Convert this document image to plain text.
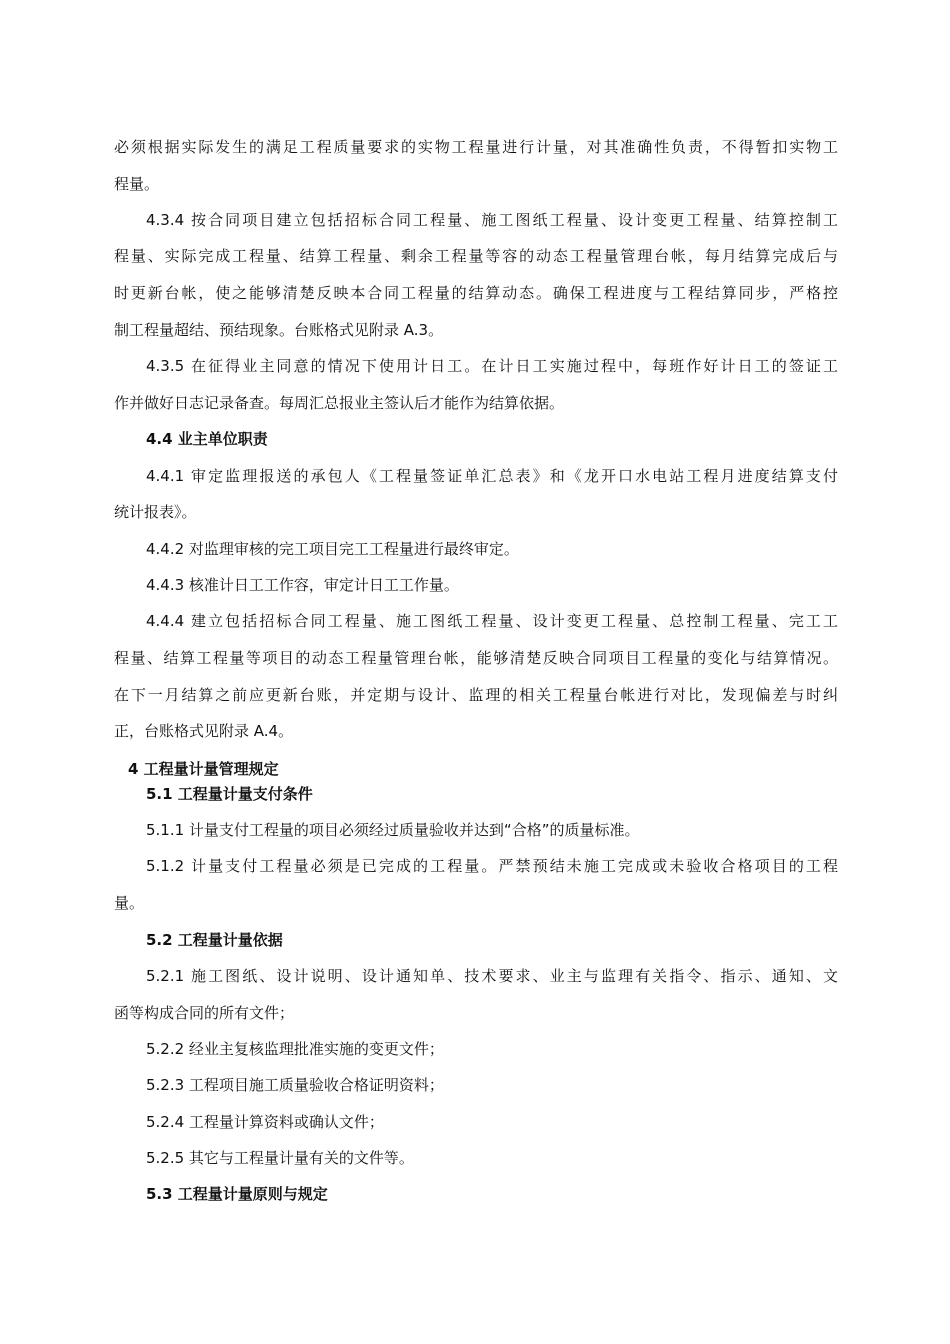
必须根据实际发生的满足工程质量要求的实物工程量进行计量，对其准确性负责，不得暂扣实物工

程量。

4.3.4 按合同项目建立包括招标合同工程量、施工图纸工程量、设计变更工程量、结算控制工

程量、实际完成工程量、结算工程量、剩余工程量等容的动态工程量管理台帐，每月结算完成后与

时更新台帐，使之能够清楚反映本合同工程量的结算动态。确保工程进度与工程结算同步，严格控

制工程量超结、预结现象。台账格式见附录 A.3。

4.3.5 在征得业主同意的情况下使用计日工。在计日工实施过程中，每班作好计日工的签证工

作并做好日志记录备查。每周汇总报业主签认后才能作为结算依据。

4.4 业主单位职责

4.4.1 审定监理报送的承包人《工程量签证单汇总表》和《龙开口水电站工程月进度结算支付

统计报表》。

4.4.2 对监理审核的完工项目完工工程量进行最终审定。

4.4.3 核准计日工工作容，审定计日工工作量。

4.4.4 建立包括招标合同工程量、施工图纸工程量、设计变更工程量、总控制工程量、完工工

程量、结算工程量等项目的动态工程量管理台帐，能够清楚反映合同项目工程量的变化与结算情况。

在下一月结算之前应更新台账，并定期与设计、监理的相关工程量台帐进行对比，发现偏差与时纠

正，台账格式见附录 A.4。

4 工程量计量管理规定

5.1 工程量计量支付条件

5.1.1 计量支付工程量的项目必须经过质量验收并达到“合格”的质量标准。

5.1.2 计量支付工程量必须是已完成的工程量。严禁预结未施工完成或未验收合格项目的工程

量。

5.2 工程量计量依据

5.2.1 施工图纸、设计说明、设计通知单、技术要求、业主与监理有关指令、指示、通知、文

函等构成合同的所有文件；

5.2.2 经业主复核监理批准实施的变更文件；

5.2.3 工程项目施工质量验收合格证明资料；

5.2.4 工程量计算资料或确认文件；

5.2.5 其它与工程量计量有关的文件等。

5.3 工程量计量原则与规定
